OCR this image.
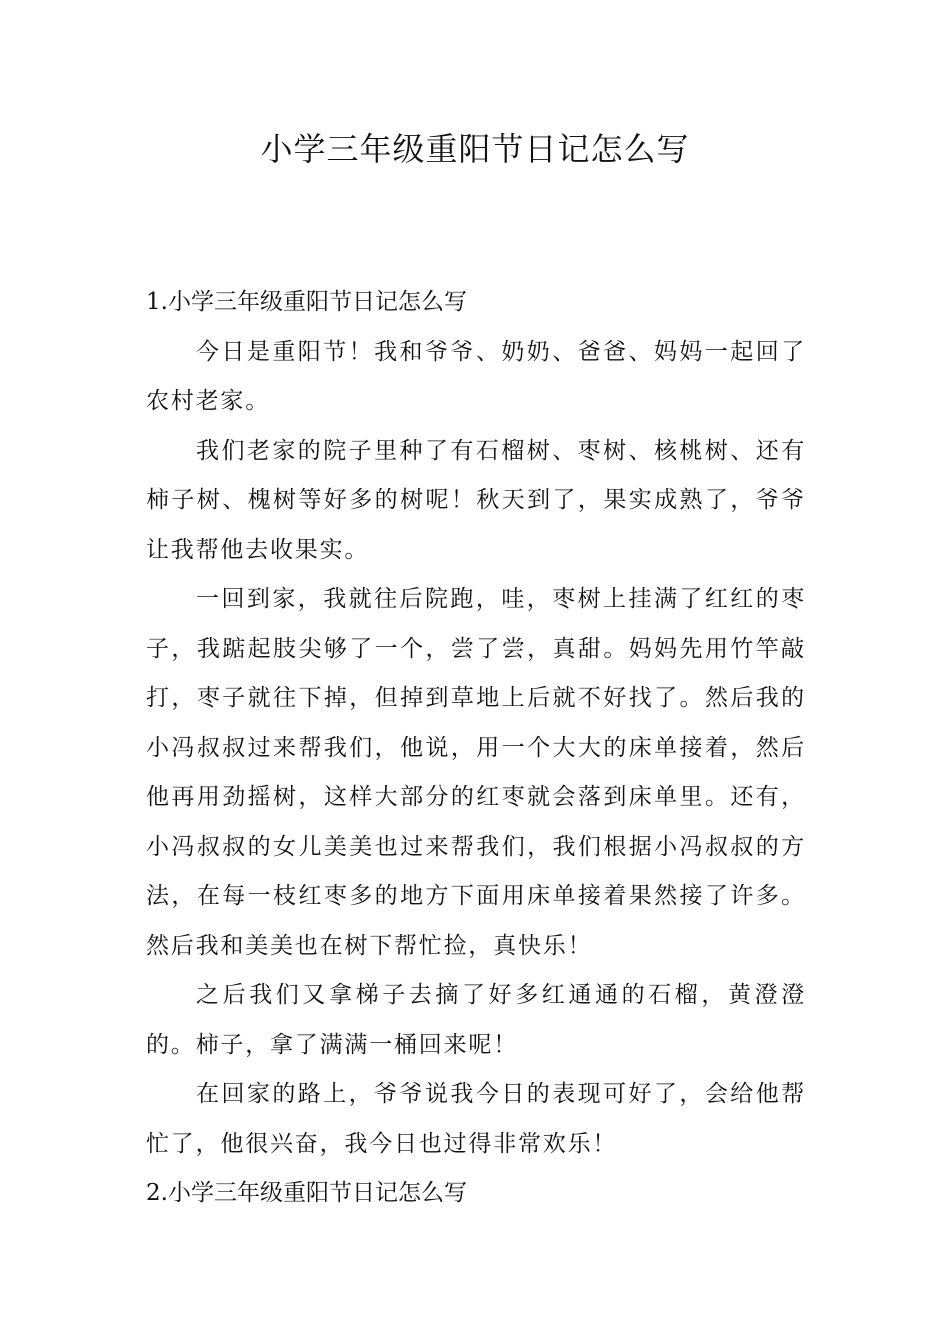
小学三年级重阳节日记怎么写

1.小学三年级重阳节日记怎么写

今日是重阳节！我和爷爷、奶奶、爸爸、妈妈一起回了农村老家。

我们老家的院子里种了有石榴树、枣树、核桃树、还有柿子树、槐树等好多的树呢！秋天到了，果实成熟了，爷爷让我帮他去收果实。

一回到家，我就往后院跑，哇，枣树上挂满了红红的枣子，我踮起肢尖够了一个，尝了尝，真甜。妈妈先用竹竿敲打，枣子就往下掉，但掉到草地上后就不好找了。然后我的小冯叔叔过来帮我们，他说，用一个大大的床单接着，然后他再用劲摇树，这样大部分的红枣就会落到床单里。还有，小冯叔叔的女儿美美也过来帮我们，我们根据小冯叔叔的方法，在每一枝红枣多的地方下面用床单接着果然接了许多。然后我和美美也在树下帮忙捡，真快乐！

之后我们又拿梯子去摘了好多红通通的石榴，黄澄澄的。柿子，拿了满满一桶回来呢！

在回家的路上，爷爷说我今日的表现可好了，会给他帮忙了，他很兴奋，我今日也过得非常欢乐！

2.小学三年级重阳节日记怎么写
